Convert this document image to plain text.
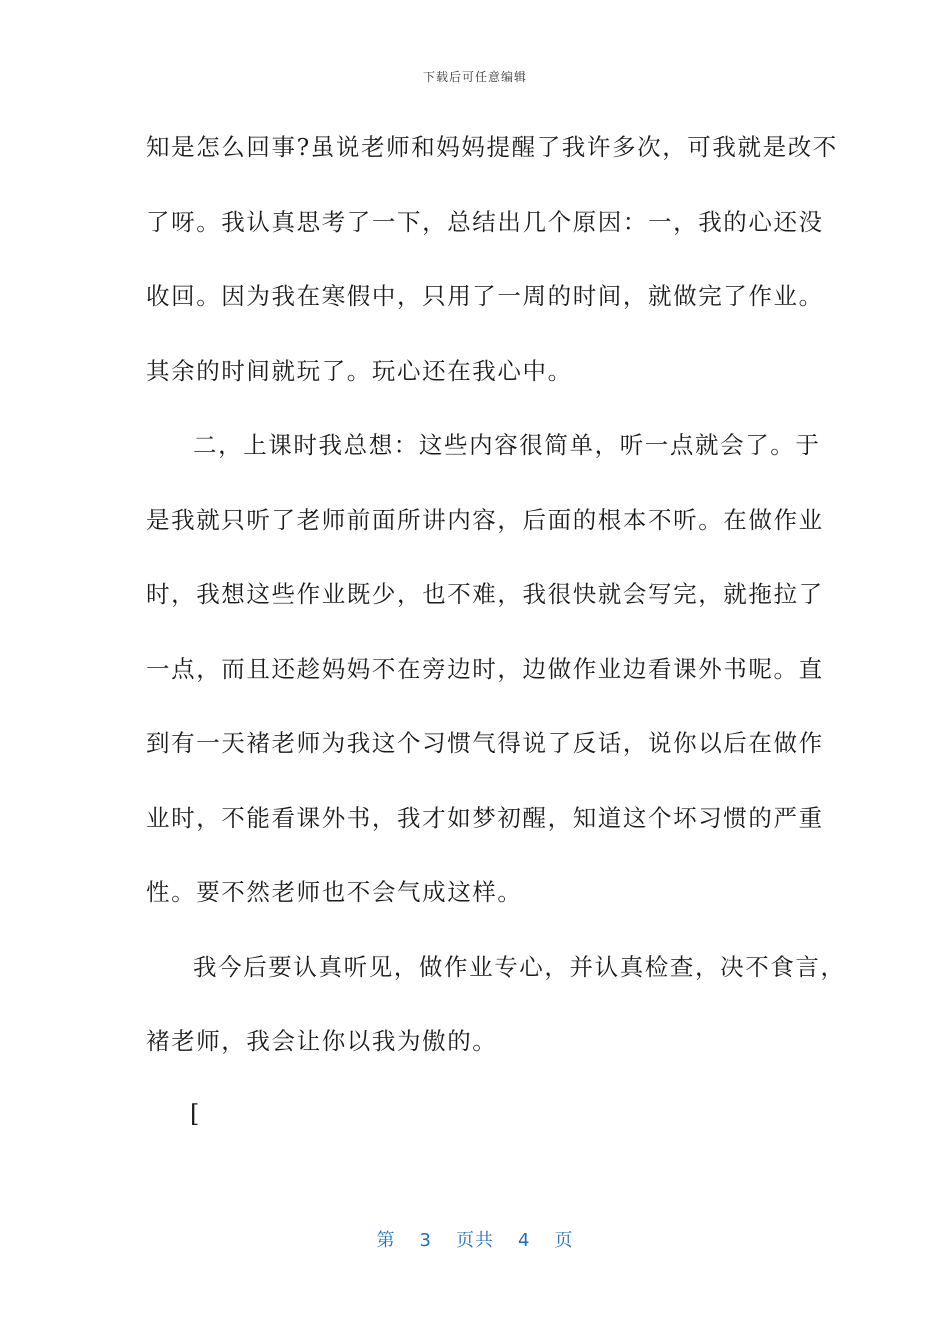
下载后可任意编辑
知是怎么回事?虽说老师和妈妈提醒了我许多次，可我就是改不
了呀。我认真思考了一下，总结出几个原因：一，我的心还没
收回。因为我在寒假中，只用了一周的时间，就做完了作业。
其余的时间就玩了。玩心还在我心中。
二，上课时我总想：这些内容很简单，听一点就会了。于
是我就只听了老师前面所讲内容，后面的根本不听。在做作业
时，我想这些作业既少，也不难，我很快就会写完，就拖拉了
一点，而且还趁妈妈不在旁边时，边做作业边看课外书呢。直
到有一天褚老师为我这个习惯气得说了反话，说你以后在做作
业时，不能看课外书，我才如梦初醒，知道这个坏习惯的严重
性。要不然老师也不会气成这样。
我今后要认真听见，做作业专心，并认真检查，决不食言，
褚老师，我会让你以我为傲的。
[
第 3 页共 4 页
